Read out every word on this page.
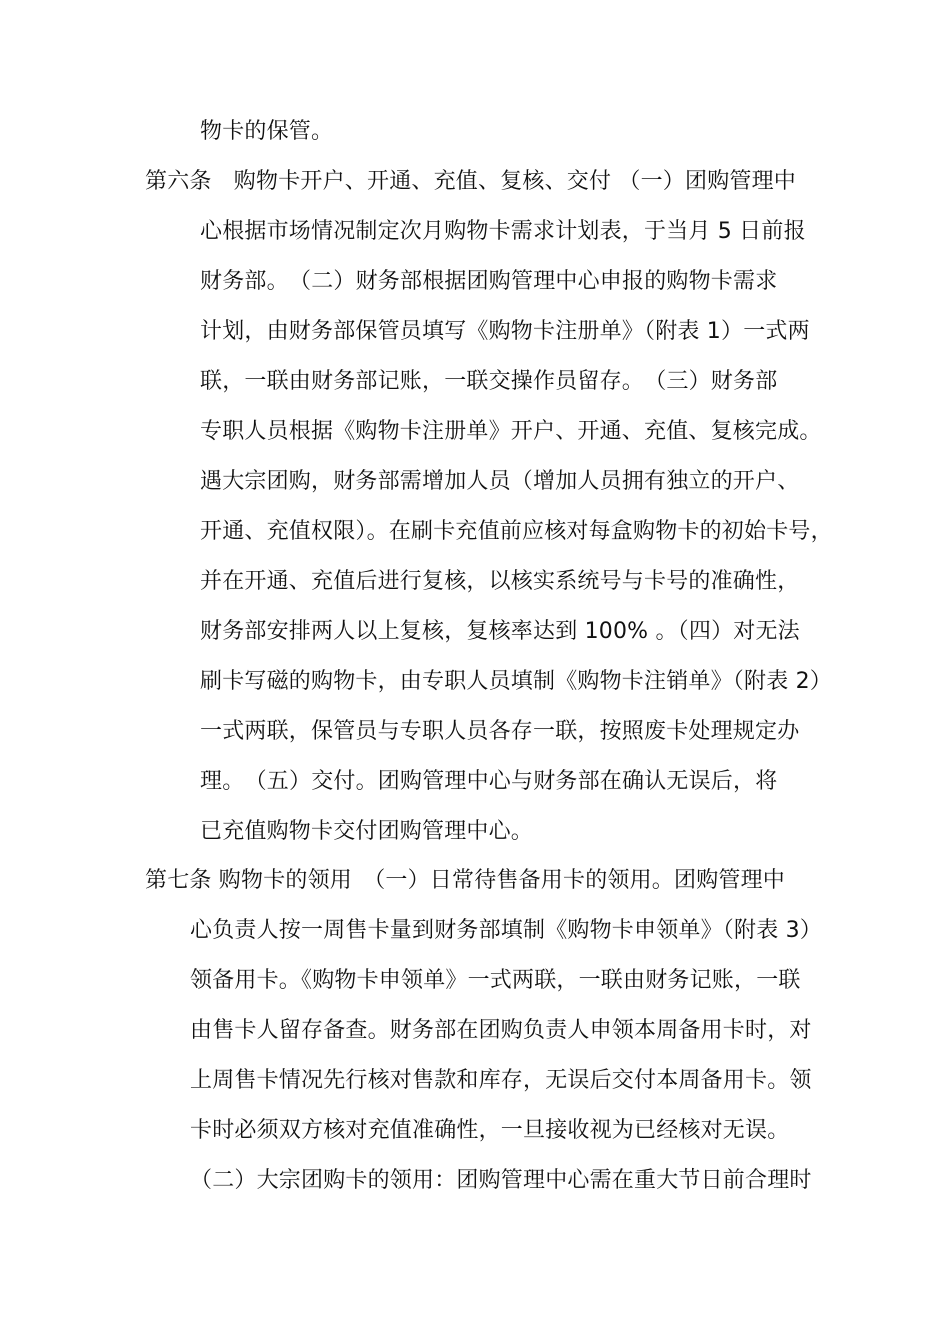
物卡的保管。
第六条　购物卡开户、开通、充值、复核、交付 （一）团购管理中
心根据市场情况制定次月购物卡需求计划表，于当月 5 日前报
财务部。　（二）财务部根据团购管理中心申报的购物卡需求
计划，由财务部保管员填写《购物卡注册单》（附表 1）一式两
联，一联由财务部记账，一联交操作员留存。　（三）财务部
专职人员根据《购物卡注册单》开户、开通、充值、复核完成。
遇大宗团购，财务部需增加人员（增加人员拥有独立的开户、
开通、充值权限）。在刷卡充值前应核对每盒购物卡的初始卡号，
并在开通、充值后进行复核，以核实系统号与卡号的准确性，
财务部安排两人以上复核，复核率达到 100% 。（四）对无法
刷卡写磁的购物卡，由专职人员填制《购物卡注销单》（附表 2）
一式两联，保管员与专职人员各存一联，按照废卡处理规定办
理。　（五）交付。团购管理中心与财务部在确认无误后，将
已充值购物卡交付团购管理中心。
第七条 购物卡的领用　（一）日常待售备用卡的领用。团购管理中
心负责人按一周售卡量到财务部填制《购物卡申领单》（附表 3）
领备用卡。《购物卡申领单》一式两联，一联由财务记账，一联
由售卡人留存备查。财务部在团购负责人申领本周备用卡时，对
上周售卡情况先行核对售款和库存，无误后交付本周备用卡。领
卡时必须双方核对充值准确性，一旦接收视为已经核对无误。
（二）大宗团购卡的领用：团购管理中心需在重大节日前合理时
